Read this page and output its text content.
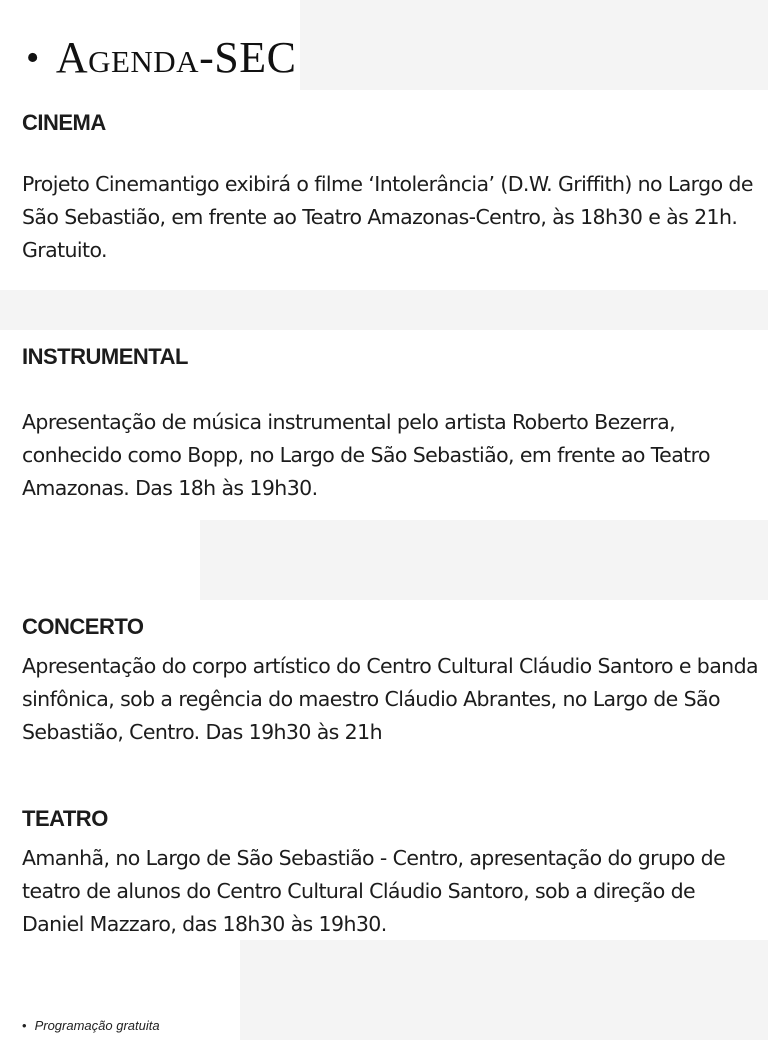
• Agenda-SEC
CINEMA

Projeto Cinemantigo exibirá o filme ‘Intolerância’ (D.W. Griffith) no Largo de São Sebastião, em frente ao Teatro Amazonas-Centro, às 18h30 e às 21h. Gratuito.

INSTRUMENTAL

Apresentação de música instrumental pelo artista Roberto Bezerra, conhecido como Bopp, no Largo de São Sebastião, em frente ao Teatro Amazonas. Das 18h às 19h30.

CONCERTO

Apresentação do corpo artístico do Centro Cultural Cláudio Santoro e banda sinfônica, sob a regência do maestro Cláudio Abrantes, no Largo de São Sebastião, Centro. Das 19h30 às 21h

TEATRO

Amanhã, no Largo de São Sebastião - Centro, apresentação do grupo de teatro de alunos do Centro Cultural Cláudio Santoro, sob a direção de Daniel Mazzaro, das 18h30 às 19h30.

• Programação gratuita
